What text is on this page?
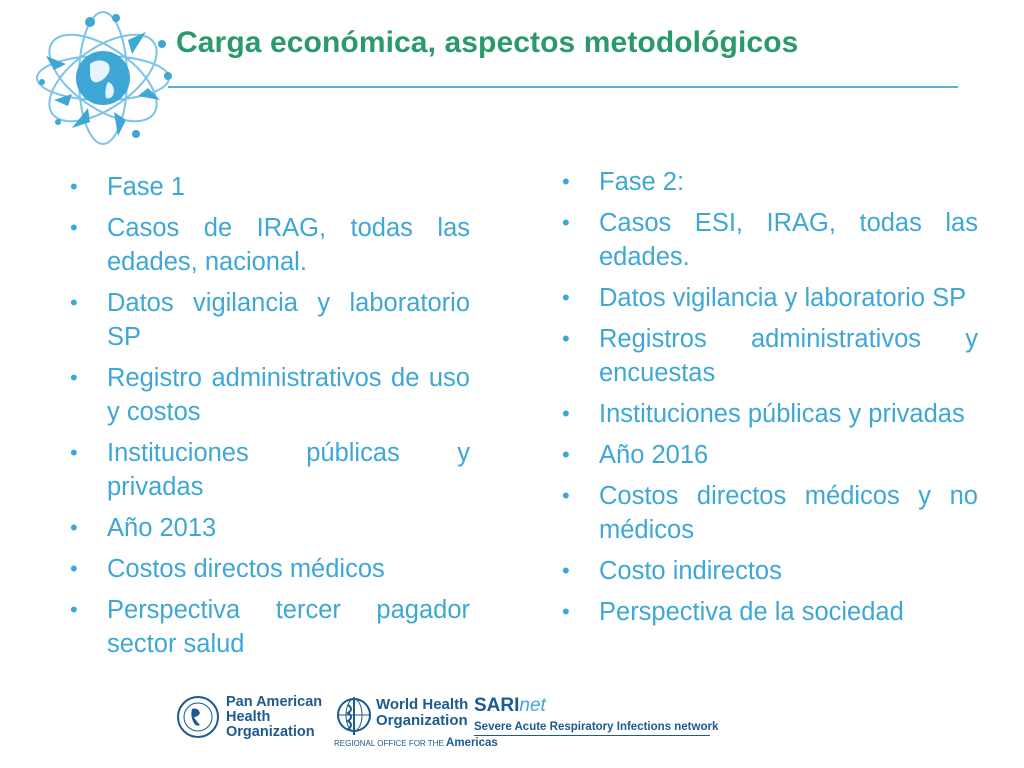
Carga económica, aspectos metodológicos
•	Fase 1
•	Casos de IRAG, todas las edades, nacional.
•	Datos vigilancia y laboratorio SP
•	Registro administrativos de uso y costos
•	Instituciones públicas y privadas
•	Año 2013
•	Costos directos médicos
•	Perspectiva tercer pagador sector salud
•	Fase 2:
•	Casos ESI, IRAG, todas las edades.
•	Datos vigilancia y laboratorio SP
•	Registros administrativos y encuestas
•	Instituciones públicas y privadas
•	Año 2016
•	Costos directos médicos y no médicos
•	Costo indirectos
•	Perspectiva de la sociedad
Pan American
Health
Organization
World Health
Organization
REGIONAL OFFICE FOR THE Americas
SARInet
Severe Acute Respiratory Infections network
